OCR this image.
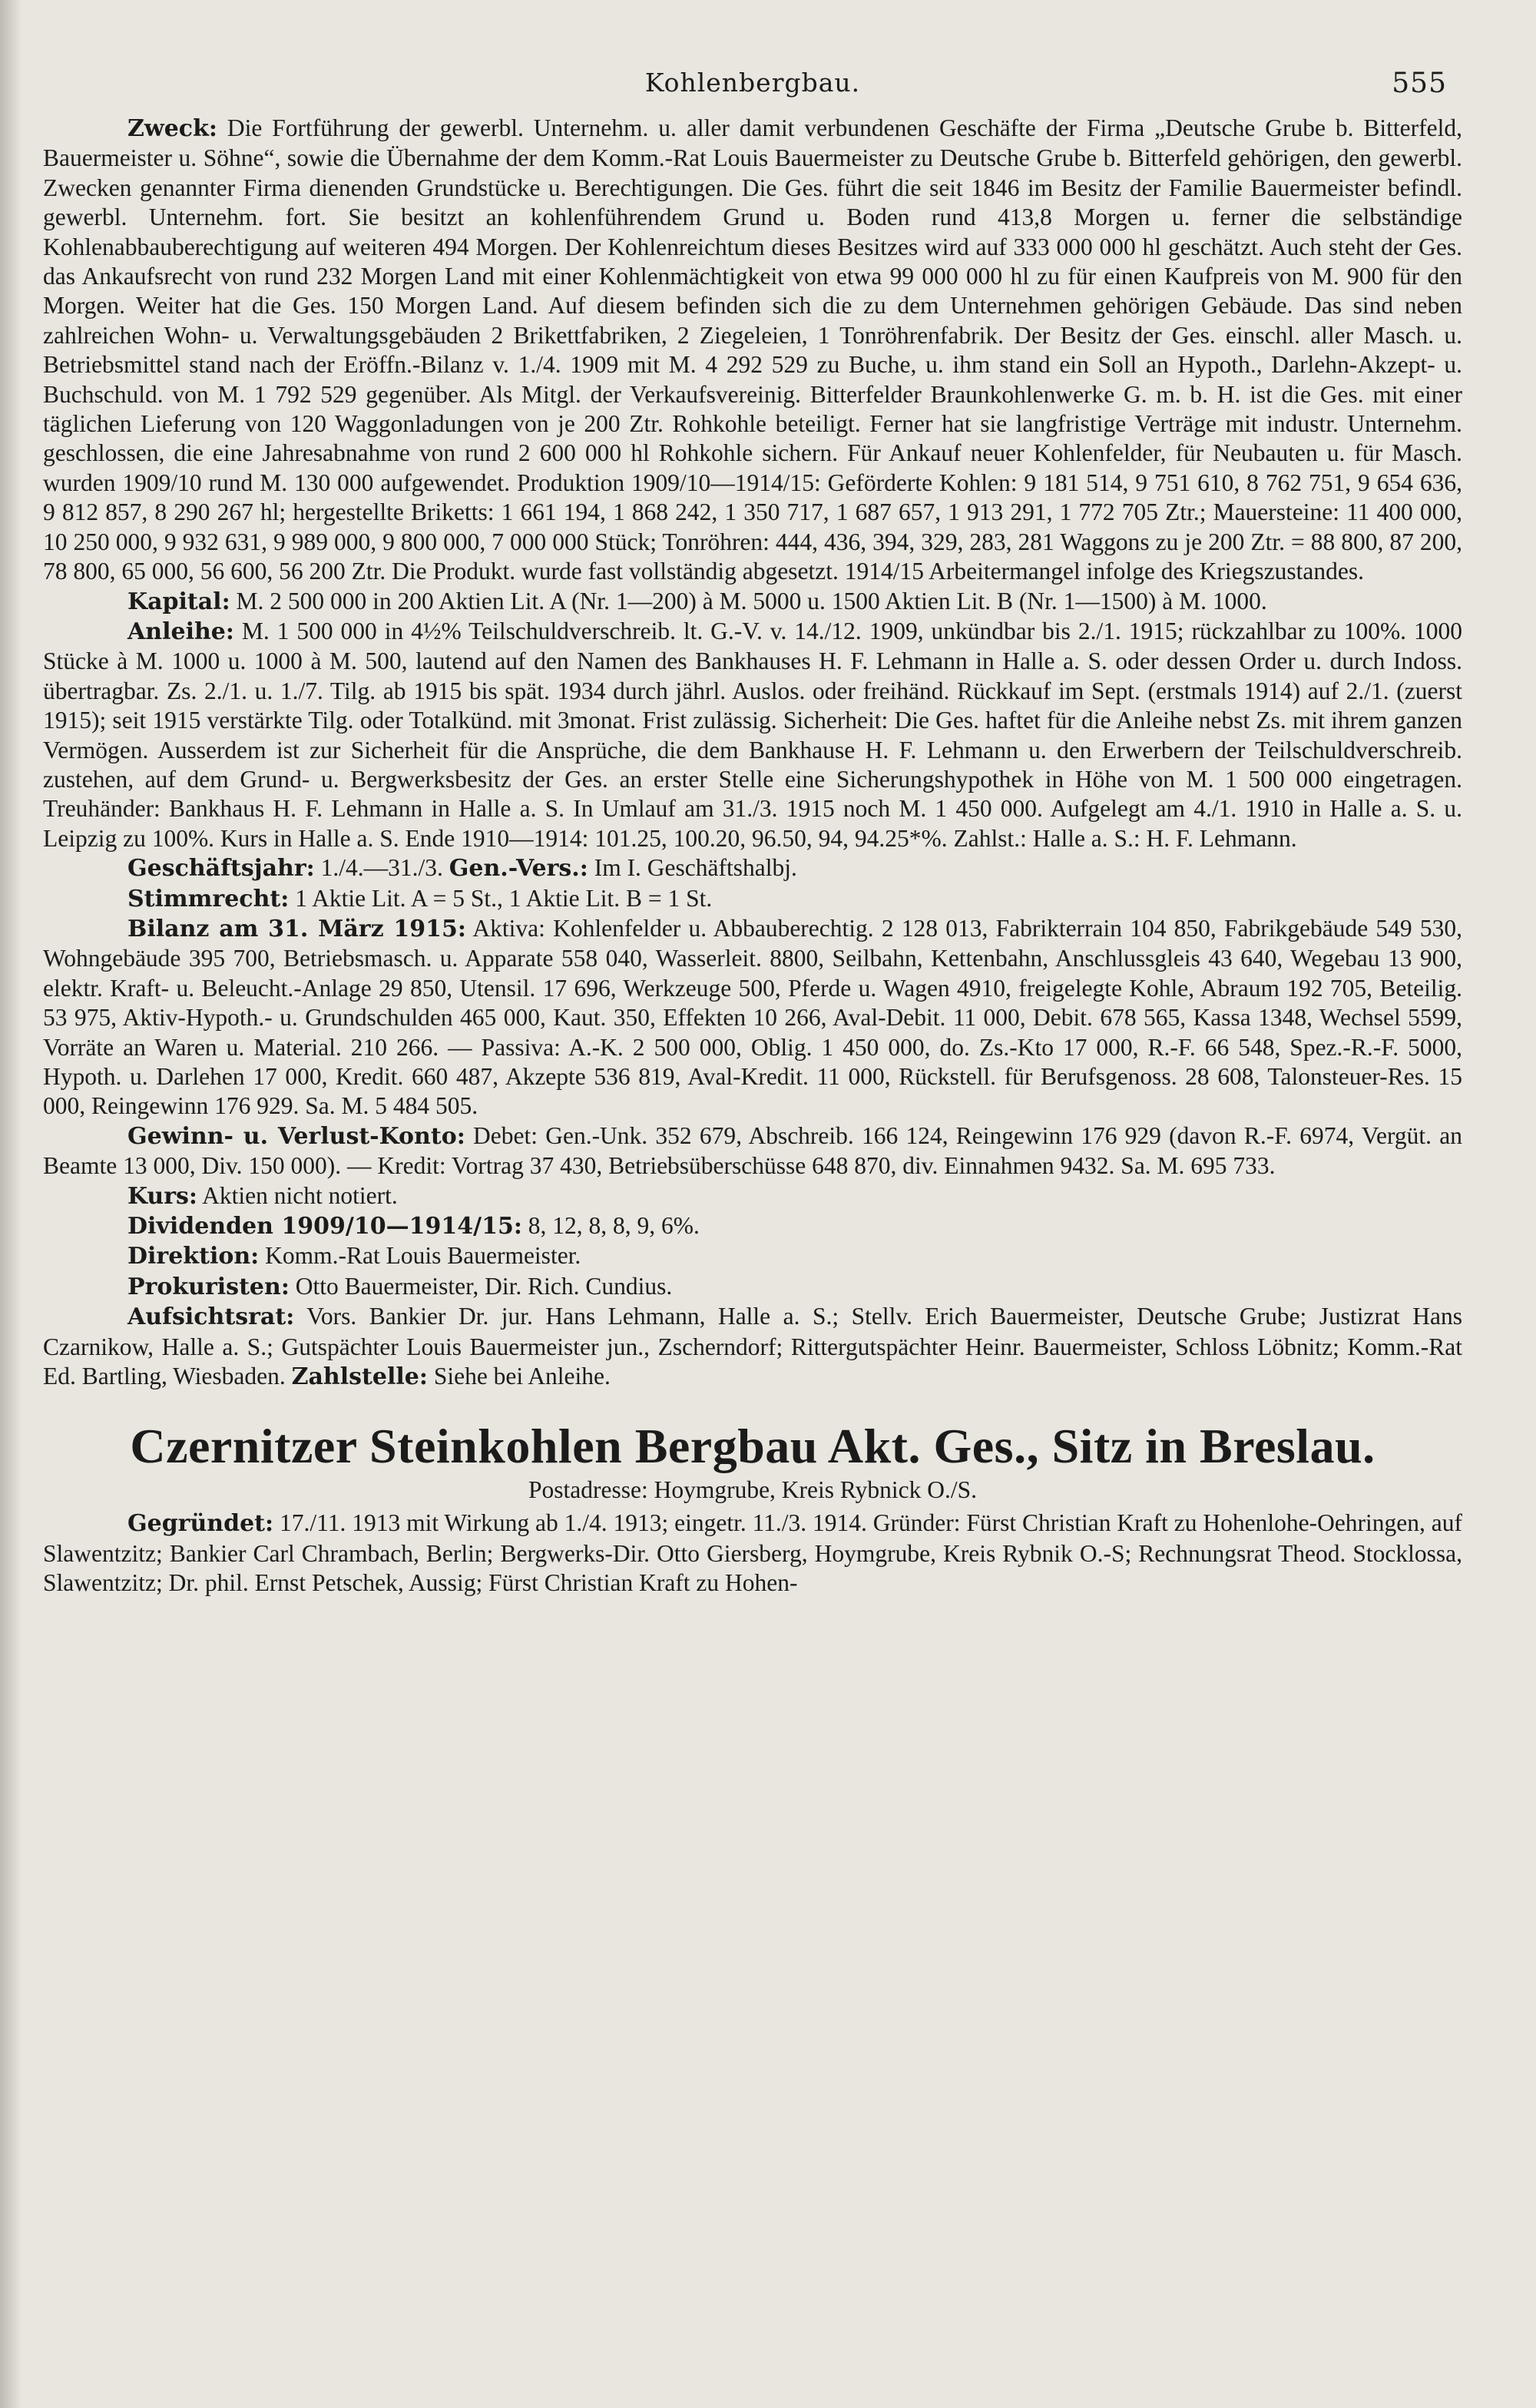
Kohlenbergbau.	555

Zweck: Die Fortführung der gewerbl. Unternehm. u. aller damit verbundenen Geschäfte der Firma „Deutsche Grube b. Bitterfeld, Bauermeister u. Söhne“, sowie die Übernahme der dem Komm.-Rat Louis Bauermeister zu Deutsche Grube b. Bitterfeld gehörigen, den gewerbl. Zwecken genannter Firma dienenden Grundstücke u. Berechtigungen. Die Ges. führt die seit 1846 im Besitz der Familie Bauermeister befindl. gewerbl. Unternehm. fort. Sie besitzt an kohlenführendem Grund u. Boden rund 413,8 Morgen u. ferner die selbständige Kohlenabbauberechtigung auf weiteren 494 Morgen. Der Kohlenreichtum dieses Besitzes wird auf 333 000 000 hl geschätzt. Auch steht der Ges. das Ankaufsrecht von rund 232 Morgen Land mit einer Kohlenmächtigkeit von etwa 99 000 000 hl zu für einen Kaufpreis von M. 900 für den Morgen. Weiter hat die Ges. 150 Morgen Land. Auf diesem befinden sich die zu dem Unternehmen gehörigen Gebäude. Das sind neben zahlreichen Wohn- u. Verwaltungsgebäuden 2 Brikettfabriken, 2 Ziegeleien, 1 Tonröhrenfabrik. Der Besitz der Ges. einschl. aller Masch. u. Betriebsmittel stand nach der Eröffn.-Bilanz v. 1./4. 1909 mit M. 4 292 529 zu Buche, u. ihm stand ein Soll an Hypoth., Darlehn-Akzept- u. Buchschuld. von M. 1 792 529 gegenüber. Als Mitgl. der Verkaufsvereinig. Bitterfelder Braunkohlenwerke G. m. b. H. ist die Ges. mit einer täglichen Lieferung von 120 Waggonladungen von je 200 Ztr. Rohkohle beteiligt. Ferner hat sie langfristige Verträge mit industr. Unternehm. geschlossen, die eine Jahresabnahme von rund 2 600 000 hl Rohkohle sichern. Für Ankauf neuer Kohlenfelder, für Neubauten u. für Masch. wurden 1909/10 rund M. 130 000 aufgewendet. Produktion 1909/10—1914/15: Geförderte Kohlen: 9 181 514, 9 751 610, 8 762 751, 9 654 636, 9 812 857, 8 290 267 hl; hergestellte Briketts: 1 661 194, 1 868 242, 1 350 717, 1 687 657, 1 913 291, 1 772 705 Ztr.; Mauersteine: 11 400 000, 10 250 000, 9 932 631, 9 989 000, 9 800 000, 7 000 000 Stück; Tonröhren: 444, 436, 394, 329, 283, 281 Waggons zu je 200 Ztr. = 88 800, 87 200, 78 800, 65 000, 56 600, 56 200 Ztr. Die Produkt. wurde fast vollständig abgesetzt. 1914/15 Arbeitermangel infolge des Kriegszustandes.

Kapital: M. 2 500 000 in 200 Aktien Lit. A (Nr. 1—200) à M. 5000 u. 1500 Aktien Lit. B (Nr. 1—1500) à M. 1000.

Anleihe: M. 1 500 000 in 4½% Teilschuldverschreib. lt. G.-V. v. 14./12. 1909, unkündbar bis 2./1. 1915; rückzahlbar zu 100%. 1000 Stücke à M. 1000 u. 1000 à M. 500, lautend auf den Namen des Bankhauses H. F. Lehmann in Halle a. S. oder dessen Order u. durch Indoss. übertragbar. Zs. 2./1. u. 1./7. Tilg. ab 1915 bis spät. 1934 durch jährl. Auslos. oder freihänd. Rückkauf im Sept. (erstmals 1914) auf 2./1. (zuerst 1915); seit 1915 verstärkte Tilg. oder Totalkünd. mit 3monat. Frist zulässig. Sicherheit: Die Ges. haftet für die Anleihe nebst Zs. mit ihrem ganzen Vermögen. Ausserdem ist zur Sicherheit für die Ansprüche, die dem Bankhause H. F. Lehmann u. den Erwerbern der Teilschuldverschreib. zustehen, auf dem Grund- u. Bergwerksbesitz der Ges. an erster Stelle eine Sicherungshypothek in Höhe von M. 1 500 000 eingetragen. Treuhänder: Bankhaus H. F. Lehmann in Halle a. S. In Umlauf am 31./3. 1915 noch M. 1 450 000. Aufgelegt am 4./1. 1910 in Halle a. S. u. Leipzig zu 100%. Kurs in Halle a. S. Ende 1910—1914: 101.25, 100.20, 96.50, 94, 94.25*%. Zahlst.: Halle a. S.: H. F. Lehmann.

Geschäftsjahr: 1./4.—31./3. Gen.-Vers.: Im I. Geschäftshalbj.

Stimmrecht: 1 Aktie Lit. A = 5 St., 1 Aktie Lit. B = 1 St.

Bilanz am 31. März 1915: Aktiva: Kohlenfelder u. Abbauberechtig. 2 128 013, Fabrikterrain 104 850, Fabrikgebäude 549 530, Wohngebäude 395 700, Betriebsmasch. u. Apparate 558 040, Wasserleit. 8800, Seilbahn, Kettenbahn, Anschlussgleis 43 640, Wegebau 13 900, elektr. Kraft- u. Beleucht.-Anlage 29 850, Utensil. 17 696, Werkzeuge 500, Pferde u. Wagen 4910, freigelegte Kohle, Abraum 192 705, Beteilig. 53 975, Aktiv-Hypoth.- u. Grundschulden 465 000, Kaut. 350, Effekten 10 266, Aval-Debit. 11 000, Debit. 678 565, Kassa 1348, Wechsel 5599, Vorräte an Waren u. Material. 210 266. — Passiva: A.-K. 2 500 000, Oblig. 1 450 000, do. Zs.-Kto 17 000, R.-F. 66 548, Spez.-R.-F. 5000, Hypoth. u. Darlehen 17 000, Kredit. 660 487, Akzepte 536 819, Aval-Kredit. 11 000, Rückstell. für Berufsgenoss. 28 608, Talonsteuer-Res. 15 000, Reingewinn 176 929. Sa. M. 5 484 505.

Gewinn- u. Verlust-Konto: Debet: Gen.-Unk. 352 679, Abschreib. 166 124, Reingewinn 176 929 (davon R.-F. 6974, Vergüt. an Beamte 13 000, Div. 150 000). — Kredit: Vortrag 37 430, Betriebsüberschüsse 648 870, div. Einnahmen 9432. Sa. M. 695 733.

Kurs: Aktien nicht notiert.

Dividenden 1909/10—1914/15: 8, 12, 8, 8, 9, 6%.

Direktion: Komm.-Rat Louis Bauermeister.

Prokuristen: Otto Bauermeister, Dir. Rich. Cundius.

Aufsichtsrat: Vors. Bankier Dr. jur. Hans Lehmann, Halle a. S.; Stellv. Erich Bauermeister, Deutsche Grube; Justizrat Hans Czarnikow, Halle a. S.; Gutspächter Louis Bauermeister jun., Zscherndorf; Rittergutspächter Heinr. Bauermeister, Schloss Löbnitz; Komm.-Rat Ed. Bartling, Wiesbaden. Zahlstelle: Siehe bei Anleihe.

Czernitzer Steinkohlen Bergbau Akt. Ges., Sitz in Breslau.
Postadresse: Hoymgrube, Kreis Rybnick O./S.

Gegründet: 17./11. 1913 mit Wirkung ab 1./4. 1913; eingetr. 11./3. 1914. Gründer: Fürst Christian Kraft zu Hohenlohe-Oehringen, auf Slawentzitz; Bankier Carl Chrambach, Berlin; Bergwerks-Dir. Otto Giersberg, Hoymgrube, Kreis Rybnik O.-S; Rechnungsrat Theod. Stocklossa, Slawentzitz; Dr. phil. Ernst Petschek, Aussig; Fürst Christian Kraft zu Hohen-
